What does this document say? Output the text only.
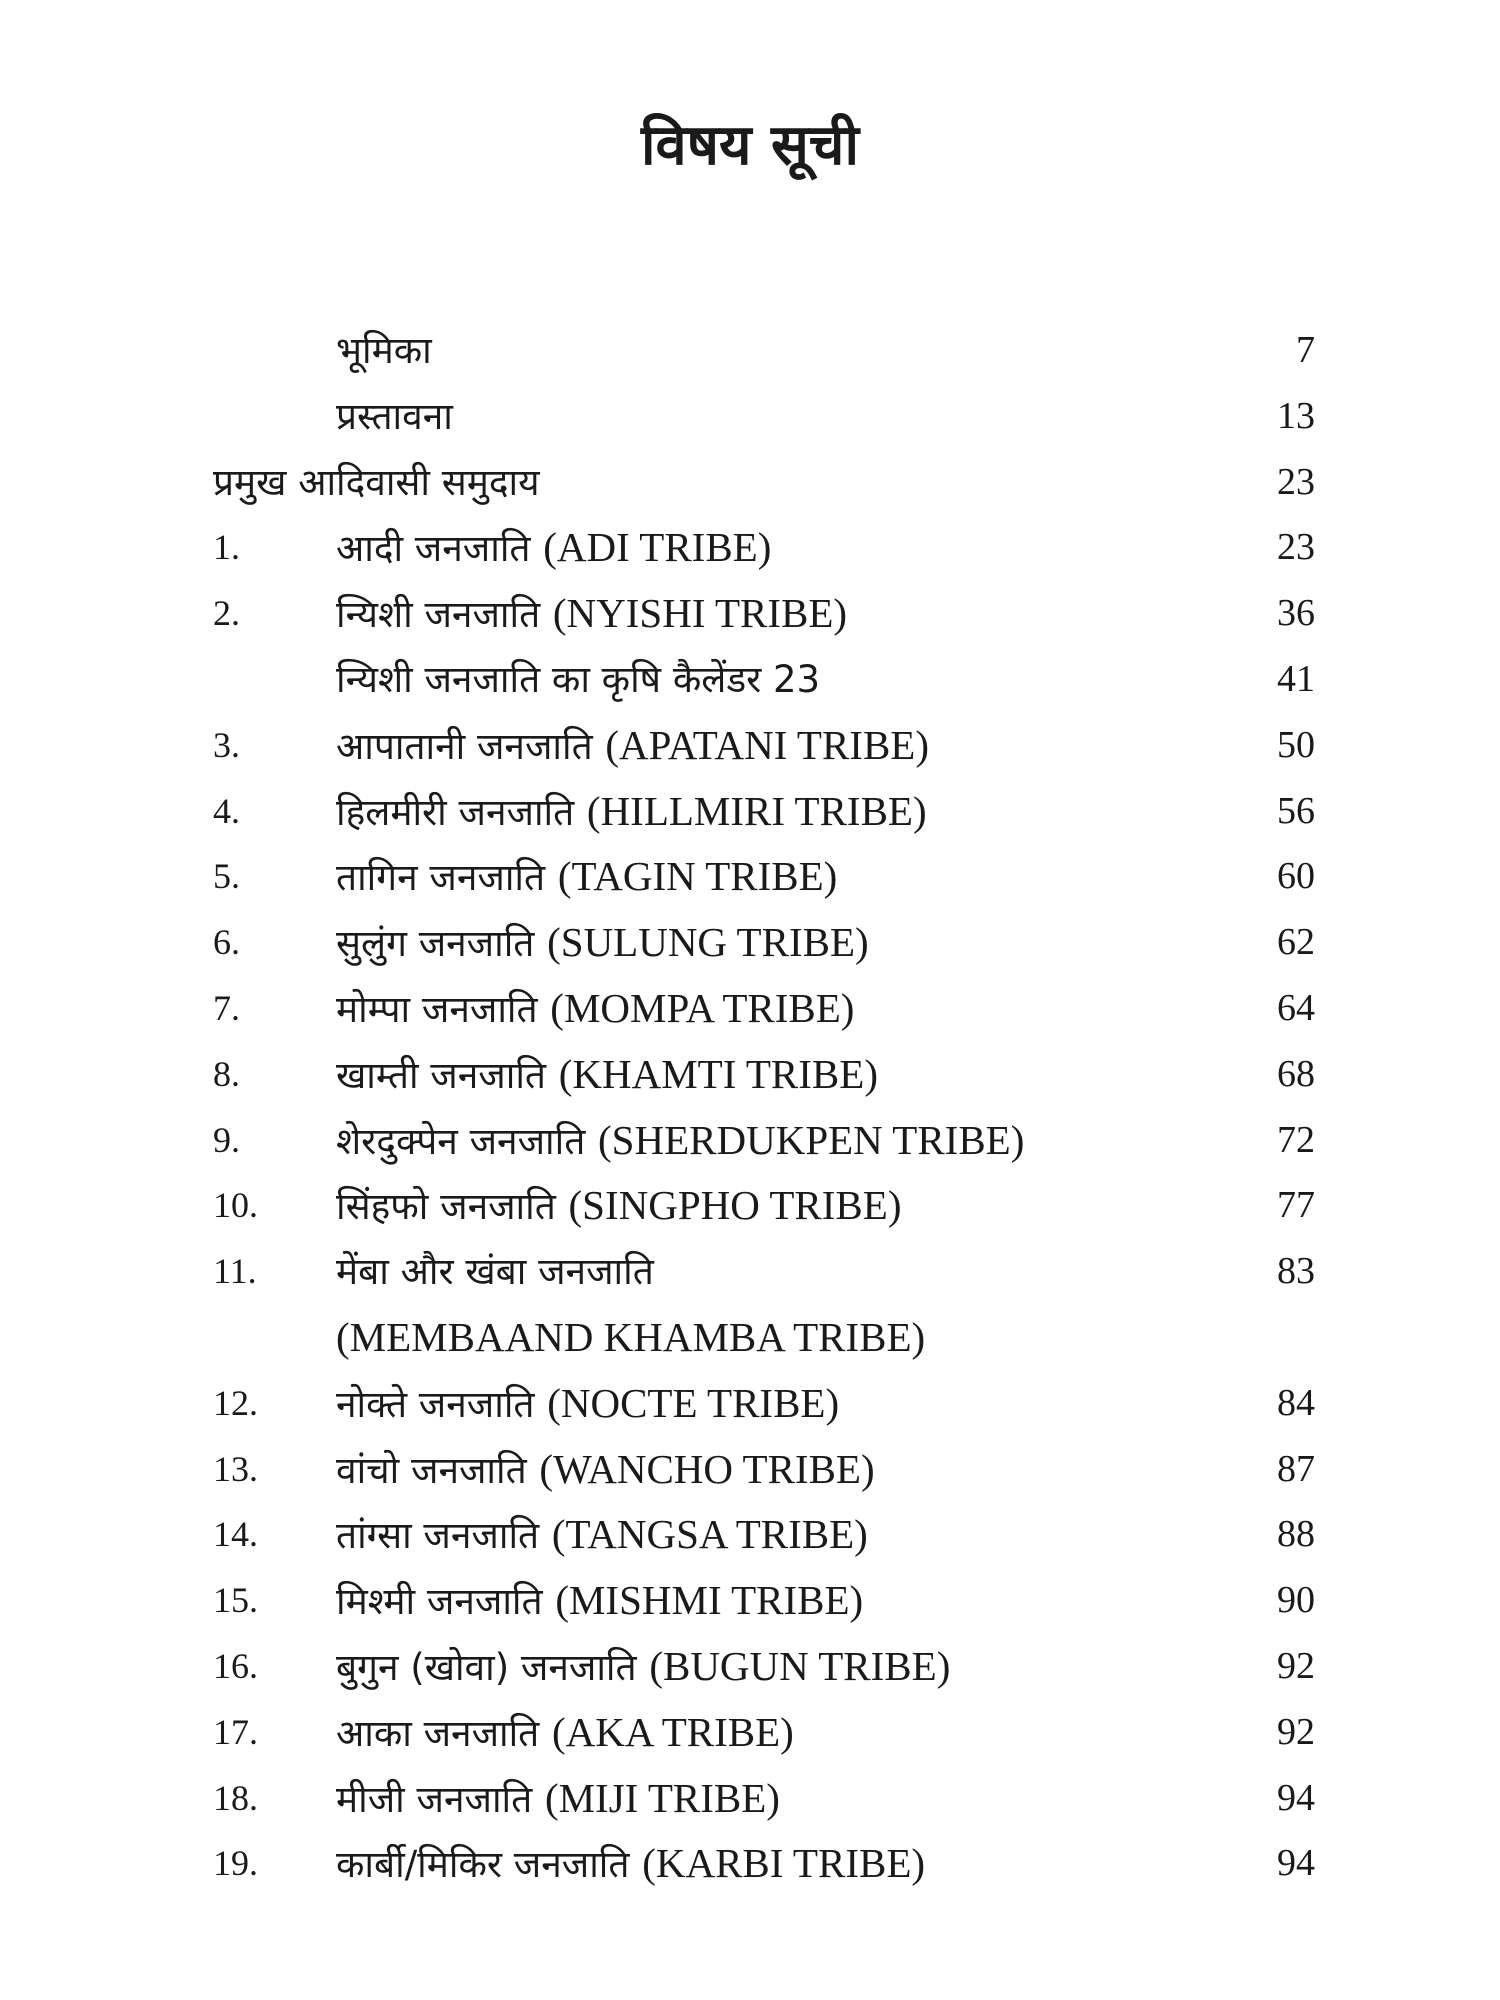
विषय सूची
भूमिका	7
प्रस्तावना	13
प्रमुख आदिवासी समुदाय	23
1.	आदी जनजाति (ADI TRIBE)	23
2.	न्यिशी जनजाति (NYISHI TRIBE)	36
न्यिशी जनजाति का कृषि कैलेंडर 23	41
3.	आपातानी जनजाति (APATANI TRIBE)	50
4.	हिलमीरी जनजाति (HILLMIRI TRIBE)	56
5.	तागिन जनजाति (TAGIN TRIBE)	60
6.	सुलुंग जनजाति (SULUNG TRIBE)	62
7.	मोम्पा जनजाति (MOMPA TRIBE)	64
8.	खाम्ती जनजाति (KHAMTI TRIBE)	68
9.	शेरदुक्पेन जनजाति (SHERDUKPEN TRIBE)	72
10. सिंहफो जनजाति (SINGPHO TRIBE)	77
11. मेंबा और खंबा जनजाति	83
(MEMBAAND KHAMBA TRIBE)
12. नोक्ते जनजाति (NOCTE TRIBE)	84
13. वांचो जनजाति (WANCHO TRIBE)	87
14. तांग्सा जनजाति (TANGSA TRIBE)	88
15. मिश्मी जनजाति (MISHMI TRIBE)	90
16. बुगुन (खोवा) जनजाति (BUGUN TRIBE)	92
17. आका जनजाति (AKA TRIBE)	92
18. मीजी जनजाति (MIJI TRIBE)	94
19. कार्बी/मिकिर जनजाति (KARBI TRIBE)	94
